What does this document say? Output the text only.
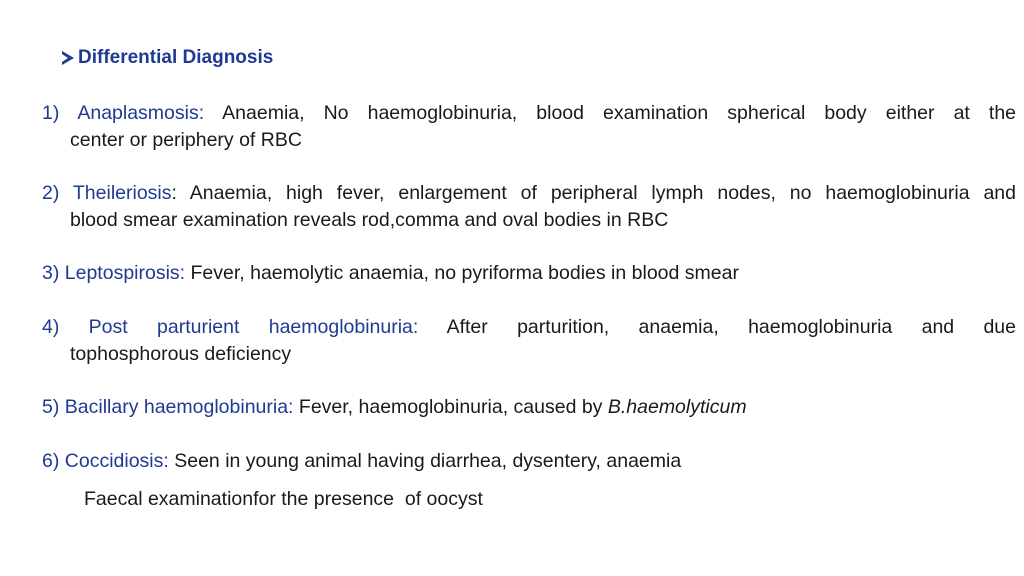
Differential Diagnosis
1) Anaplasmosis: Anaemia, No haemoglobinuria, blood examination spherical body either at the
center or periphery of RBC
2) Theileriosis: Anaemia, high fever, enlargement of peripheral lymph nodes, no haemoglobinuria and
blood smear examination reveals rod,comma and oval bodies in RBC
3) Leptospirosis: Fever, haemolytic anaemia, no pyriforma bodies in blood smear
4) Post parturient haemoglobinuria: After parturition, anaemia, haemoglobinuria and due
tophosphorous deficiency
5) Bacillary haemoglobinuria: Fever, haemoglobinuria, caused by B.haemolyticum
6) Coccidiosis: Seen in young animal having diarrhea, dysentery, anaemia
Faecal examinationfor the presence  of oocyst
